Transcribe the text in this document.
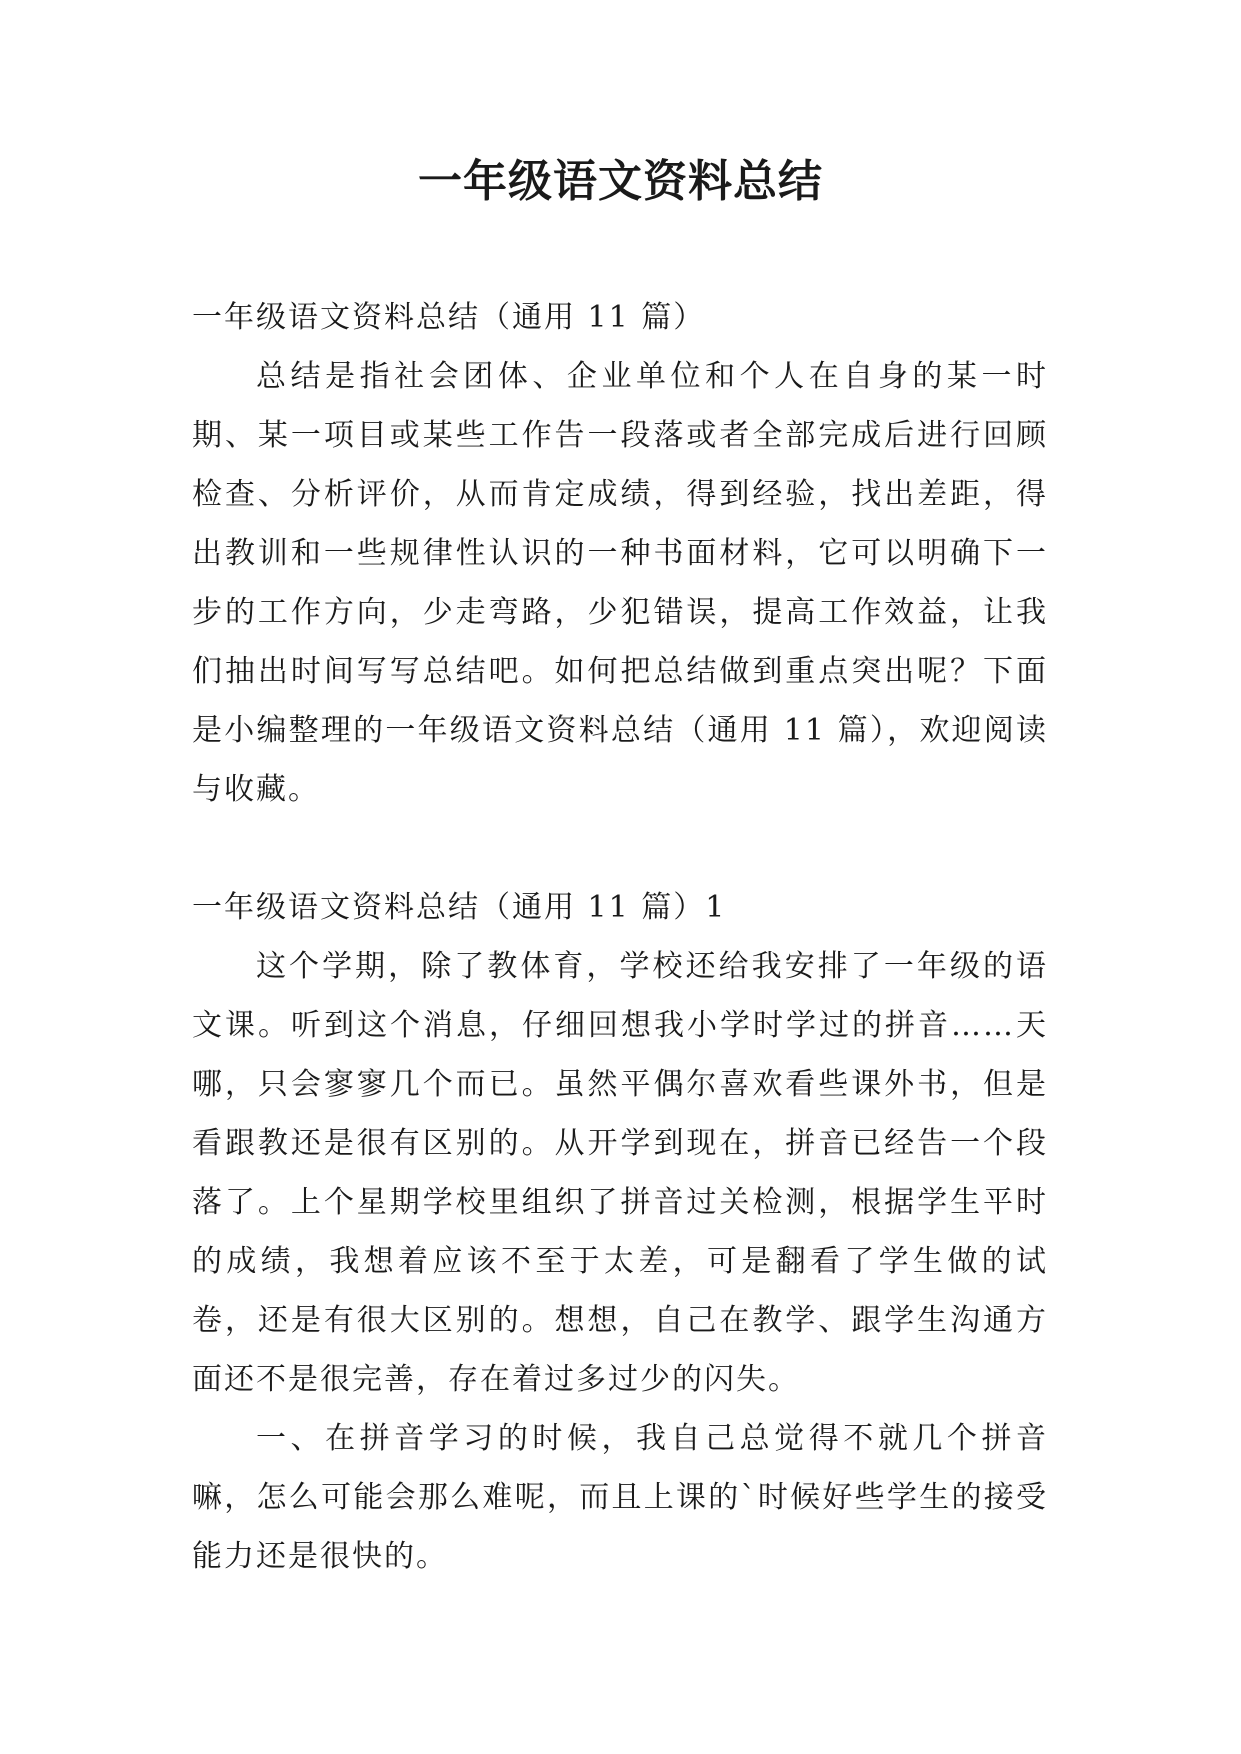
一年级语文资料总结

一年级语文资料总结（通用 11 篇）

总结是指社会团体、企业单位和个人在自身的某一时期、某一项目或某些工作告一段落或者全部完成后进行回顾检查、分析评价，从而肯定成绩，得到经验，找出差距，得出教训和一些规律性认识的一种书面材料，它可以明确下一步的工作方向，少走弯路，少犯错误，提高工作效益，让我们抽出时间写写总结吧。如何把总结做到重点突出呢？下面是小编整理的一年级语文资料总结（通用 11 篇），欢迎阅读与收藏。

一年级语文资料总结（通用 11 篇）1

这个学期，除了教体育，学校还给我安排了一年级的语文课。听到这个消息，仔细回想我小学时学过的拼音……天哪，只会寥寥几个而已。虽然平偶尔喜欢看些课外书，但是看跟教还是很有区别的。从开学到现在，拼音已经告一个段落了。上个星期学校里组织了拼音过关检测，根据学生平时的成绩，我想着应该不至于太差，可是翻看了学生做的试卷，还是有很大区别的。想想，自己在教学、跟学生沟通方面还不是很完善，存在着过多过少的闪失。

一、在拼音学习的时候，我自己总觉得不就几个拼音嘛，怎么可能会那么难呢，而且上课的`时候好些学生的接受能力还是很快的。
